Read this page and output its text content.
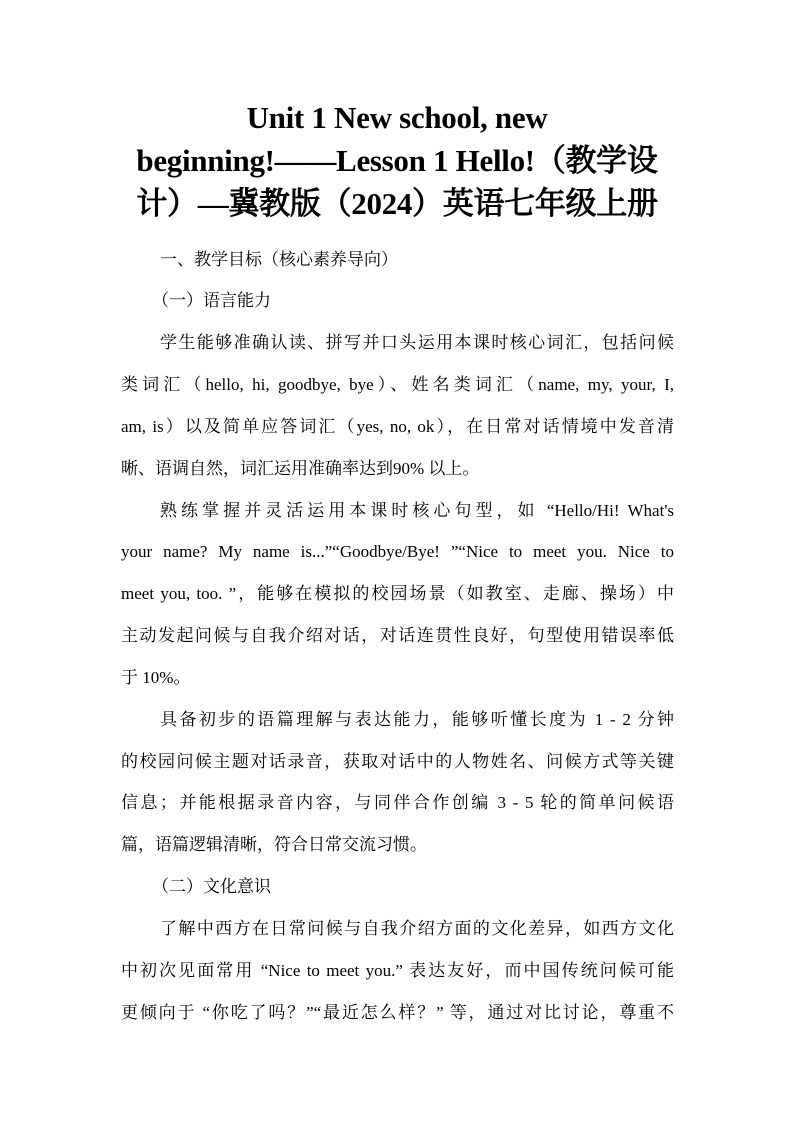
Unit 1 New school, new
beginning!——Lesson 1 Hello!（教学设
计）—冀教版（2024）英语七年级上册
一、教学目标（核心素养导向）
（一）语言能力
学生能够准确认读、拼写并口头运用本课时核心词汇，包括问候
类词汇（hello, hi, goodbye, bye）、姓名类词汇（name, my, your, I,
am, is）以及简单应答词汇（yes, no, ok），在日常对话情境中发音清
晰、语调自然，词汇运用准确率达到90% 以上。
熟练掌握并灵活运用本课时核心句型，如 “Hello/Hi! What's
your name? My name is...”“Goodbye/Bye! ”“Nice to meet you. Nice to
meet you, too. ”，能够在模拟的校园场景（如教室、走廊、操场）中
主动发起问候与自我介绍对话，对话连贯性良好，句型使用错误率低
于 10%。
具备初步的语篇理解与表达能力，能够听懂长度为 1 - 2 分钟
的校园问候主题对话录音，获取对话中的人物姓名、问候方式等关键
信息；并能根据录音内容，与同伴合作创编 3 - 5 轮的简单问候语
篇，语篇逻辑清晰，符合日常交流习惯。
（二）文化意识
了解中西方在日常问候与自我介绍方面的文化差异，如西方文化
中初次见面常用 “Nice to meet you.” 表达友好，而中国传统问候可能
更倾向于 “你吃了吗？”“最近怎么样？” 等，通过对比讨论，尊重不
